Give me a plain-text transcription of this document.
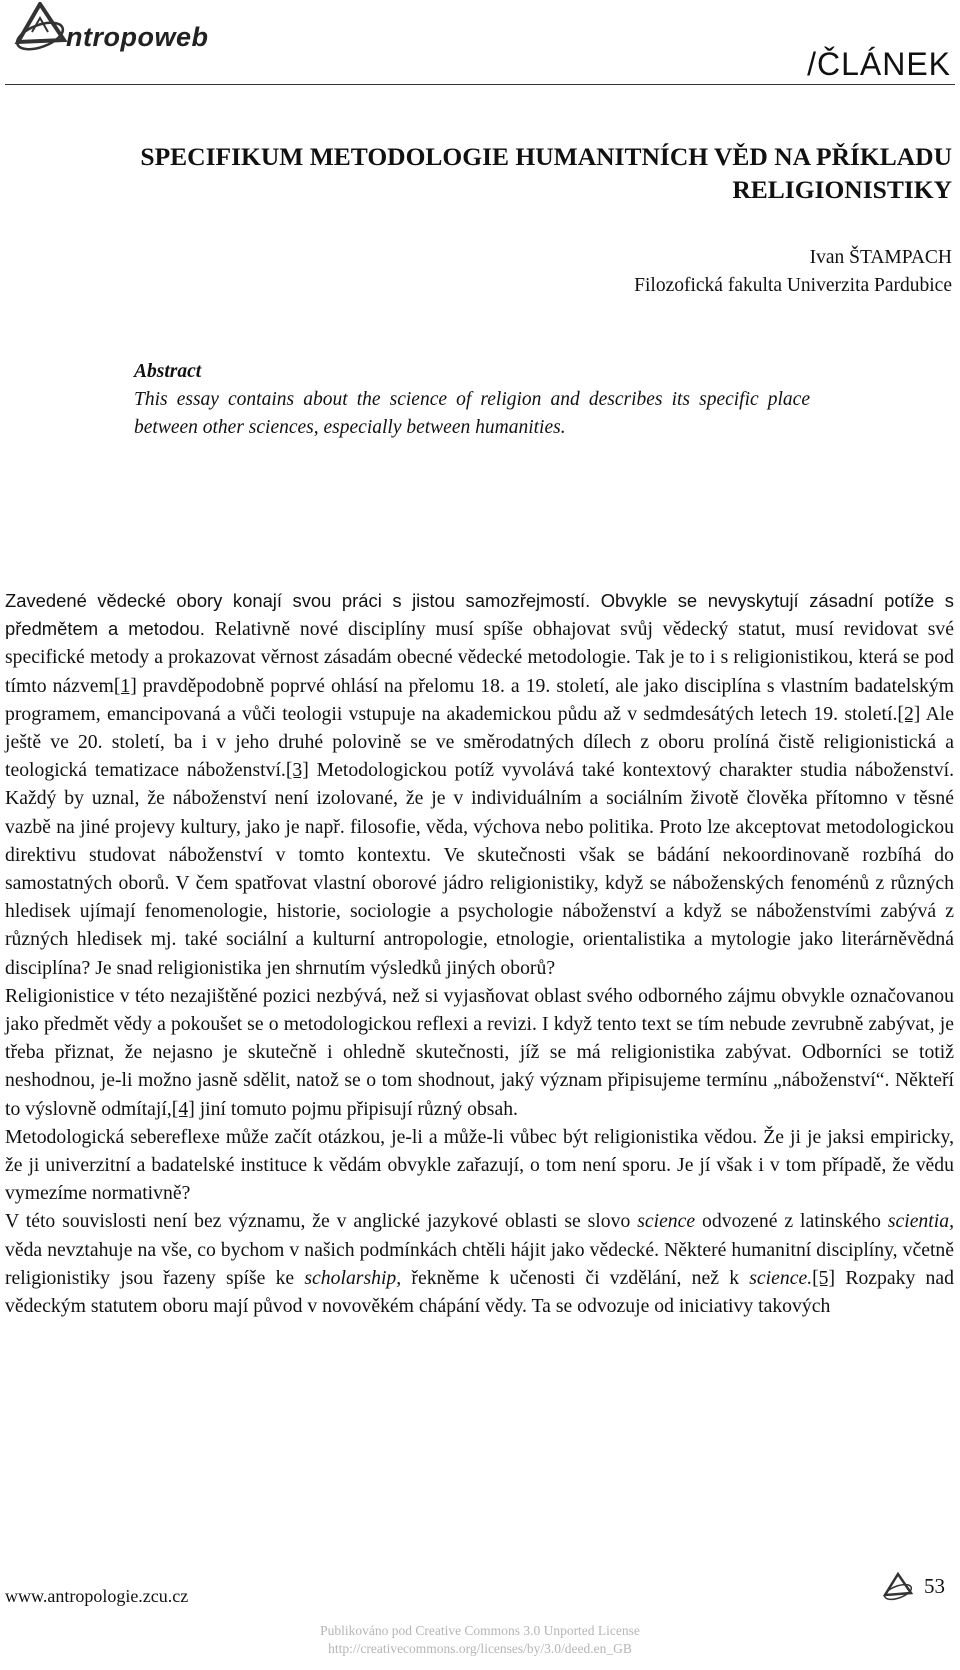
ntropoweb
/ČLÁNEK
SPECIFIKUM METODOLOGIE HUMANITNÍCH VĚD NA PŘÍKLADU
RELIGIONISTIKY
Ivan ŠTAMPACH
Filozofická fakulta Univerzita Pardubice
Abstract
This essay contains about the science of religion and describes its specific place between other sciences, especially between humanities.

Zavedené vědecké obory konají svou práci s jistou samozřejmostí. Obvykle se nevyskytují zásadní potíže s předmětem a metodou. Relativně nové disciplíny musí spíše obhajovat svůj vědecký statut, musí revidovat své specifické metody a prokazovat věrnost zásadám obecné vědecké metodologie. Tak je to i s religionistikou, která se pod tímto názvem[1] pravděpodobně poprvé ohlásí na přelomu 18. a 19. století, ale jako disciplína s vlastním badatelským programem, emancipovaná a vůči teologii vstupuje na akademickou půdu až v sedmdesátých letech 19. století.[2] Ale ještě ve 20. století, ba i v jeho druhé polovině se ve směrodatných dílech z oboru prolíná čistě religionistická a teologická tematizace náboženství.[3] Metodologickou potíž vyvolává také kontextový charakter studia náboženství. Každý by uznal, že náboženství není izolované, že je v individuálním a sociálním životě člověka přítomno v těsné vazbě na jiné projevy kultury, jako je např. filosofie, věda, výchova nebo politika. Proto lze akceptovat metodologickou direktivu studovat náboženství v tomto kontextu. Ve skutečnosti však se bádání nekoordinovaně rozbíhá do samostatných oborů. V čem spatřovat vlastní oborové jádro religionistiky, když se náboženských fenoménů z různých hledisek ujímají fenomenologie, historie, sociologie a psychologie náboženství a když se náboženstvími zabývá z různých hledisek mj. také sociální a kulturní antropologie, etnologie, orientalistika a mytologie jako literárněvědná disciplína? Je snad religionistika jen shrnutím výsledků jiných oborů?

Religionistice v této nezajištěné pozici nezbývá, než si vyjasňovat oblast svého odborného zájmu obvykle označovanou jako předmět vědy a pokoušet se o metodologickou reflexi a revizi. I když tento text se tím nebude zevrubně zabývat, je třeba přiznat, že nejasno je skutečně i ohledně skutečnosti, jíž se má religionistika zabývat. Odborníci se totiž neshodnou, je-li možno jasně sdělit, natož se o tom shodnout, jaký význam připisujeme termínu „náboženství“. Někteří to výslovně odmítají,[4] jiní tomuto pojmu připisují různý obsah.

Metodologická sebereflexe může začít otázkou, je-li a může-li vůbec být religionistika vědou. Že ji je jaksi empiricky, že ji univerzitní a badatelské instituce k vědám obvykle zařazují, o tom není sporu. Je jí však i v tom případě, že vědu vymezíme normativně?

V této souvislosti není bez významu, že v anglické jazykové oblasti se slovo science odvozené z latinského scientia, věda nevztahuje na vše, co bychom v našich podmínkách chtěli hájit jako vědecké. Některé humanitní disciplíny, včetně religionistiky jsou řazeny spíše ke scholarship, řekněme k učenosti či vzdělání, než k science.[5] Rozpaky nad vědeckým statutem oboru mají původ v novověkém chápání vědy. Ta se odvozuje od iniciativy takových

www.antropologie.zcu.cz	53
Publikováno pod Creative Commons 3.0 Unported License
http://creativecommons.org/licenses/by/3.0/deed.en_GB
